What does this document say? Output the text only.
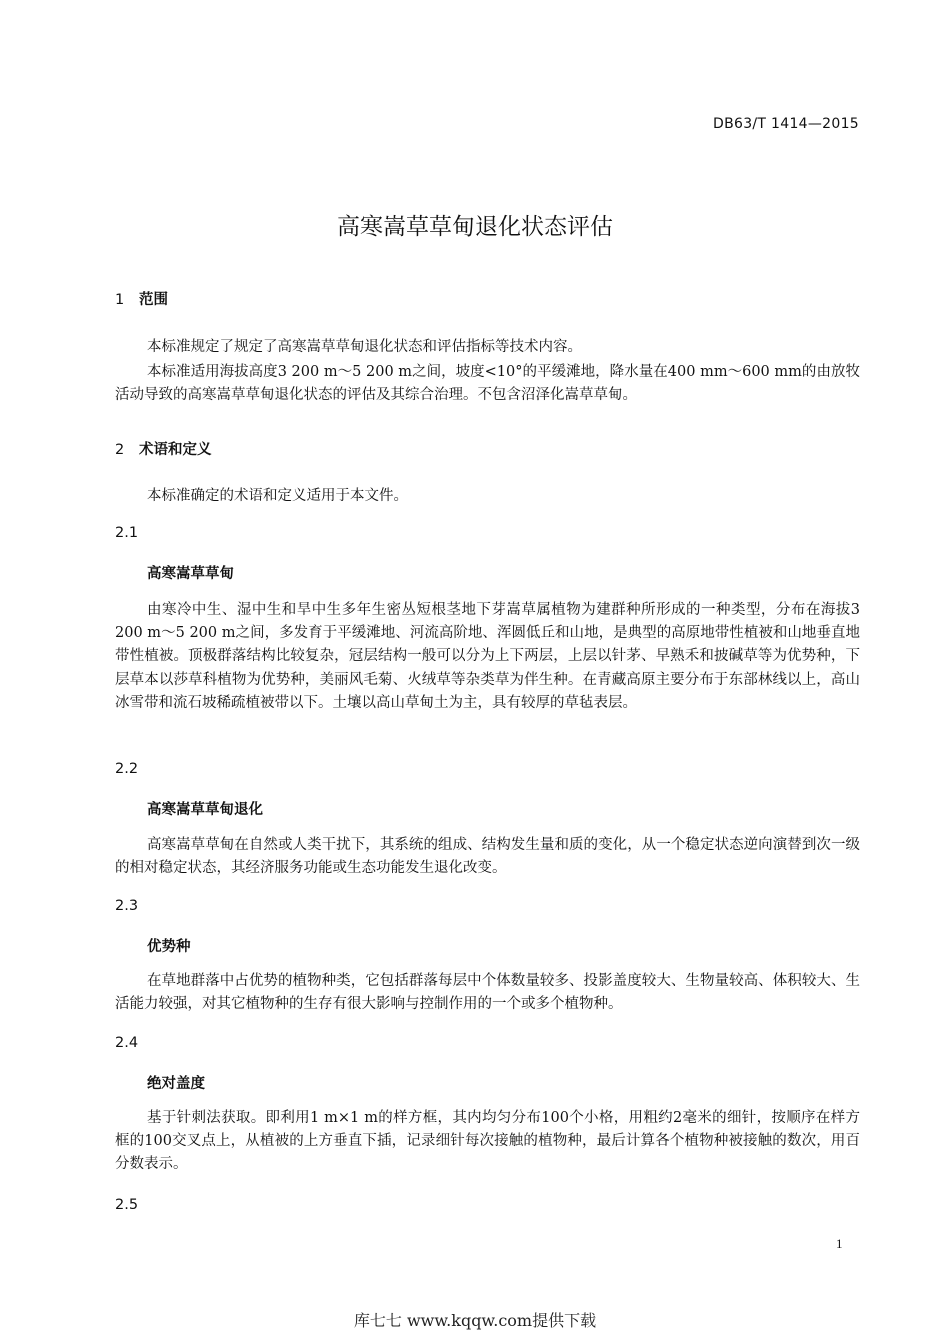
DB63/T 1414—2015
高寒嵩草草甸退化状态评估
1 范围

本标准规定了规定了高寒嵩草草甸退化状态和评估指标等技术内容。

本标准适用海拔高度3 200 m～5 200 m之间，坡度<10°的平缓滩地，降水量在400 mm～600 mm的由放牧活动导致的高寒嵩草草甸退化状态的评估及其综合治理。不包含沼泽化嵩草草甸。

2 术语和定义

本标准确定的术语和定义适用于本文件。

2.1
高寒嵩草草甸

由寒冷中生、湿中生和旱中生多年生密丛短根茎地下芽嵩草属植物为建群种所形成的一种类型，分布在海拔3 200 m～5 200 m之间，多发育于平缓滩地、河流高阶地、浑圆低丘和山地，是典型的高原地带性植被和山地垂直地带性植被。顶极群落结构比较复杂，冠层结构一般可以分为上下两层，上层以针茅、早熟禾和披碱草等为优势种，下层草本以莎草科植物为优势种，美丽风毛菊、火绒草等杂类草为伴生种。在青藏高原主要分布于东部林线以上，高山冰雪带和流石坡稀疏植被带以下。土壤以高山草甸土为主，具有较厚的草毡表层。

2.2
高寒嵩草草甸退化

高寒嵩草草甸在自然或人类干扰下，其系统的组成、结构发生量和质的变化，从一个稳定状态逆向演替到次一级的相对稳定状态，其经济服务功能或生态功能发生退化改变。

2.3
优势种

在草地群落中占优势的植物种类，它包括群落每层中个体数量较多、投影盖度较大、生物量较高、体积较大、生活能力较强，对其它植物种的生存有很大影响与控制作用的一个或多个植物种。

2.4
绝对盖度

基于针刺法获取。即利用1 m×1 m的样方框，其内均匀分布100个小格，用粗约2毫米的细针，按顺序在样方框的100交叉点上，从植被的上方垂直下插，记录细针每次接触的植物种，最后计算各个植物种被接触的数次，用百分数表示。

2.5
1
库七七 www.kqqw.com提供下载
